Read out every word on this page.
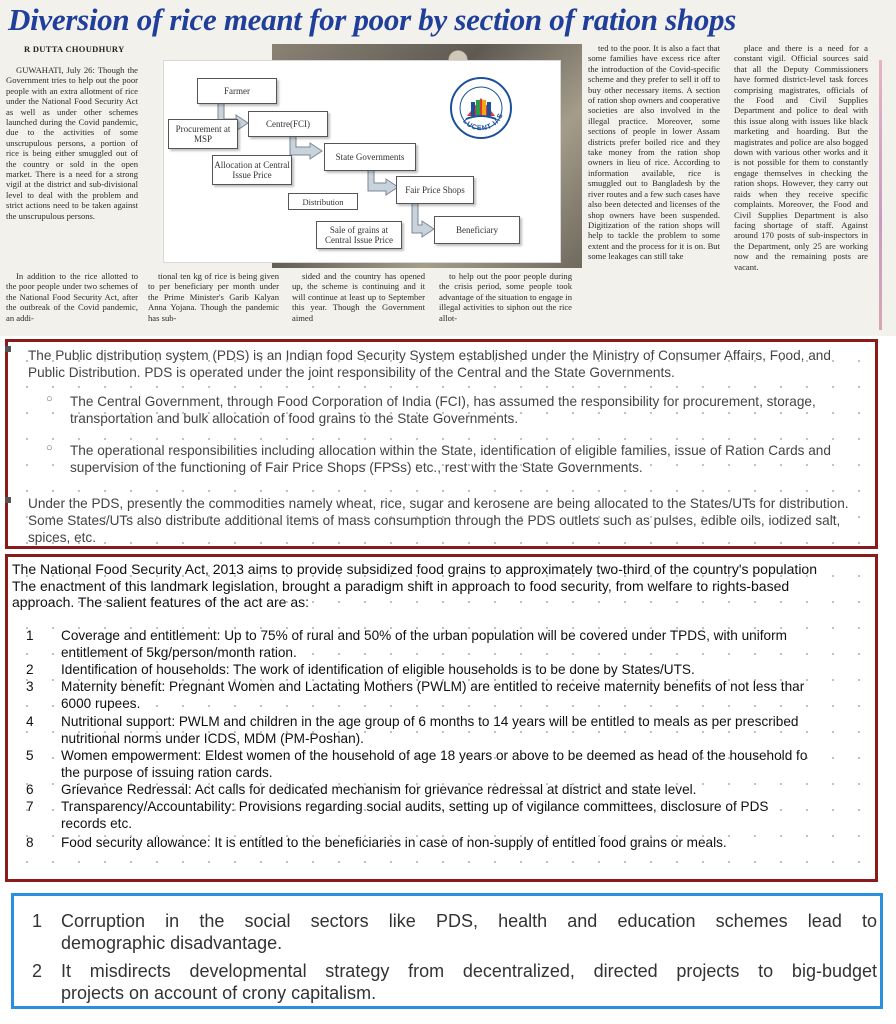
Diversion of rice meant for poor by section of ration shops
R DUTTA CHOUDHURY

GUWAHATI, July 26: Though the Government tries to help out the poor people with an extra allotment of rice under the National Food Security Act as well as under other schemes launched during the Covid pandemic, due to the activities of some unscrupulous persons, a portion of rice is being either smuggled out of the country or sold in the open market. There is a need for a strong vigil at the district and sub-divisional level to deal with the problem and strict actions need to be taken against the unscrupulous persons.

In addition to the rice allotted to the poor people under two schemes of the National Food Security Act, after the outbreak of the Covid pandemic, an addi-

tional ten kg of rice is being given to per beneficiary per month under the Prime Minister's Garib Kalyan Anna Yojana. Though the pandemic has sub-

sided and the country has opened up, the scheme is continuing and it will continue at least up to September this year. Though the Government aimed

to help out the poor people during the crisis period, some people took advantage of the situation to engage in illegal activities to siphon out the rice allot-

ted to the poor. It is also a fact that some families have excess rice after the introduction of the Covid-specific scheme and they prefer to sell it off to buy other necessary items. A section of ration shop owners and cooperative societies are also involved in the illegal practice. Moreover, some sections of people in lower Assam districts prefer boiled rice and they take money from the ration shop owners in lieu of rice. According to information available, rice is smuggled out to Bangladesh by the river routes and a few such cases have also been detected and licenses of the shop owners have been suspended. Digitization of the ration shops will help to tackle the problem to some extent and the process for it is on. But some leakages can still take

place and there is a need for a constant vigil. Official sources said that all the Deputy Commissioners have formed district-level task forces comprising magistrates, officials of the Food and Civil Supplies Department and police to deal with this issue along with issues like black marketing and hoarding. But the magistrates and police are also bogged down with various other works and it is not possible for them to constantly engage themselves in checking the ration shops. However, they carry out raids when they receive specific complaints. Moreover, the Food and Civil Supplies Department is also facing shortage of staff. Against around 170 posts of sub-inspectors in the Department, only 25 are working now and the remaining posts are vacant.

Farmer
Procurement at MSP
Centre(FCI)
Allocation at Central Issue Price
State Governments
Distribution
Fair Price Shops
Sale of grains at Central Issue Price
Beneficiary
LUCENT IAS
The Public distribution system (PDS) is an Indian food Security System established under the Ministry of Consumer Affairs, Food, and
Public Distribution. PDS is operated under the joint responsibility of the Central and the State Governments.
○ The Central Government, through Food Corporation of India (FCI), has assumed the responsibility for procurement, storage,
transportation and bulk allocation of food grains to the State Governments.
○ The operational responsibilities including allocation within the State, identification of eligible families, issue of Ration Cards and
supervision of the functioning of Fair Price Shops (FPSs) etc., rest with the State Governments.
Under the PDS, presently the commodities namely wheat, rice, sugar and kerosene are being allocated to the States/UTs for distribution.
Some States/UTs also distribute additional items of mass consumption through the PDS outlets such as pulses, edible oils, iodized salt,
spices, etc.
The National Food Security Act, 2013 aims to provide subsidized food grains to approximately two-third of the country's population
The enactment of this landmark legislation, brought a paradigm shift in approach to food security, from welfare to rights-based
approach. The salient features of the act are as:
1 Coverage and entitlement: Up to 75% of rural and 50% of the urban population will be covered under TPDS, with uniform
entitlement of 5kg/person/month ration.
2 Identification of households: The work of identification of eligible households is to be done by States/UTS.
3 Maternity benefit: Pregnant Women and Lactating Mothers (PWLM) are entitled to receive maternity benefits of not less thar
6000 rupees.
4 Nutritional support: PWLM and children in the age group of 6 months to 14 years will be entitled to meals as per prescribed
nutritional norms under ICDS, MDM (PM-Poshan).
5 Women empowerment: Eldest women of the household of age 18 years or above to be deemed as head of the household fo
the purpose of issuing ration cards.
6 Grievance Redressal: Act calls for dedicated mechanism for grievance redressal at district and state level.
7 Transparency/Accountability: Provisions regarding social audits, setting up of vigilance committees, disclosure of PDS
records etc.
8 Food security allowance: It is entitled to the beneficiaries in case of non-supply of entitled food grains or meals.
1 Corruption in the social sectors like PDS, health and education schemes lead to
demographic disadvantage.
2 It misdirects developmental strategy from decentralized, directed projects to big-budget
projects on account of crony capitalism.
